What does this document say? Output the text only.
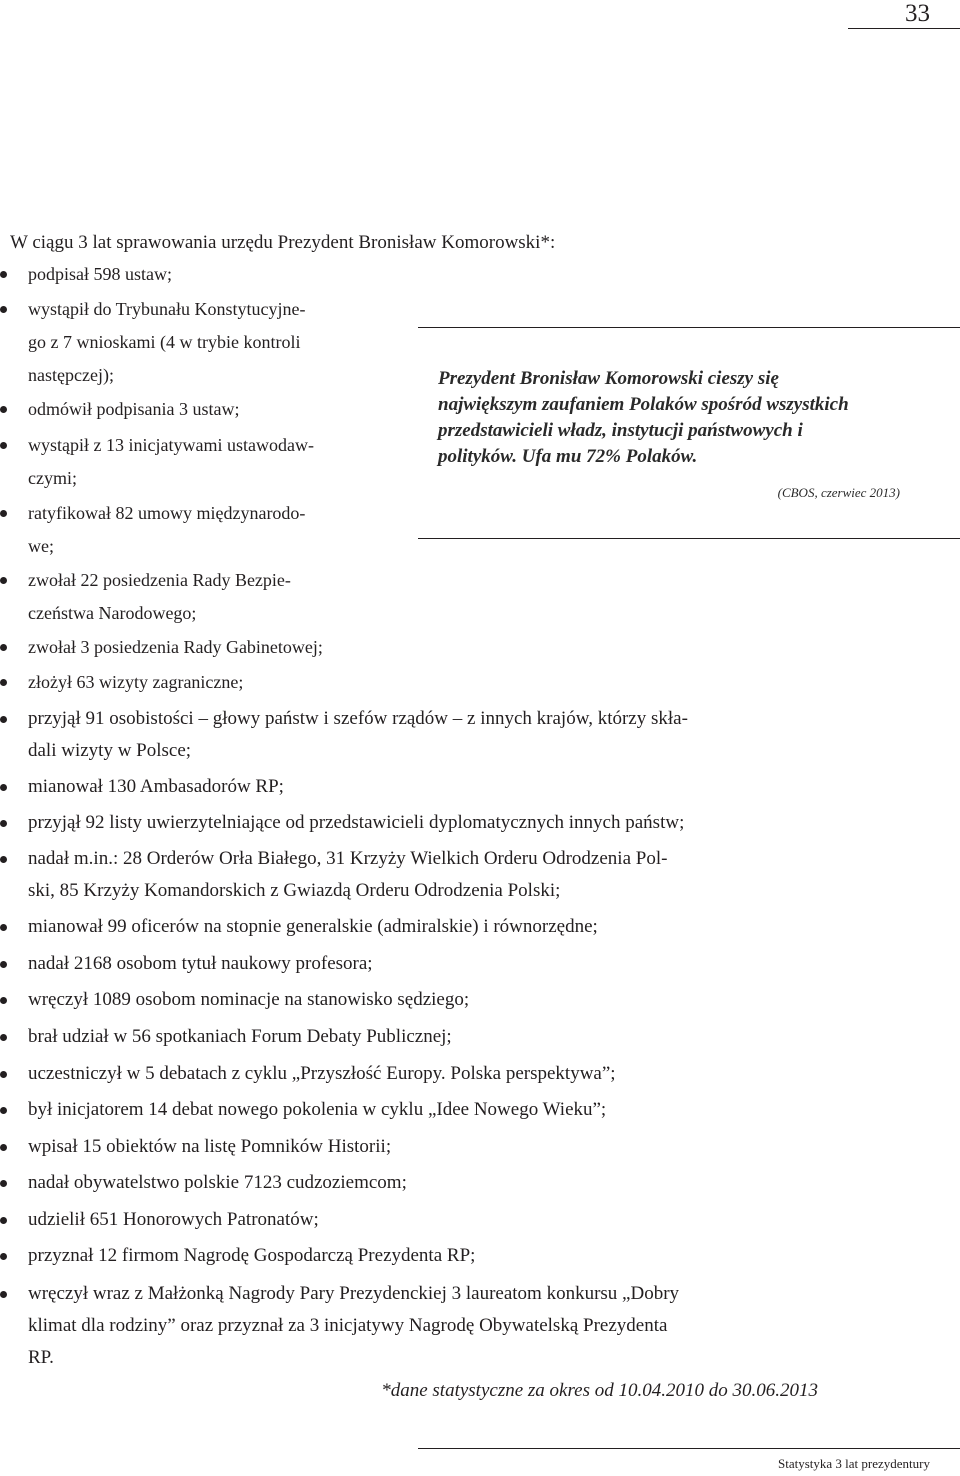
33
W ciągu 3 lat sprawowania urzędu Prezydent Bronisław Komorowski*:
podpisał 598 ustaw;
wystąpił do Trybunału Konstytucyjne-
go z 7 wnioskami (4 w trybie kontroli
następczej);
odmówił podpisania 3 ustaw;
wystąpił z 13 inicjatywami ustawodaw-
czymi;
ratyfikował 82 umowy międzynarodo-
we;
zwołał 22 posiedzenia Rady Bezpie-
czeństwa Narodowego;
zwołał 3 posiedzenia Rady Gabinetowej;
złożył 63 wizyty zagraniczne;
przyjął 91 osobistości – głowy państw i szefów rządów – z innych krajów, którzy skła-
dali wizyty w Polsce;
mianował 130 Ambasadorów RP;
przyjął 92 listy uwierzytelniające od przedstawicieli dyplomatycznych innych państw;
nadał m.in.: 28 Orderów Orła Białego, 31 Krzyży Wielkich Orderu Odrodzenia Pol-
ski, 85 Krzyży Komandorskich z Gwiazdą Orderu Odrodzenia Polski;
mianował 99 oficerów na stopnie generalskie (admiralskie) i równorzędne;
nadał 2168 osobom tytuł naukowy profesora;
wręczył 1089 osobom nominacje na stanowisko sędziego;
brał udział w 56 spotkaniach Forum Debaty Publicznej;
uczestniczył w 5 debatach z cyklu „Przyszłość Europy. Polska perspektywa”;
był inicjatorem 14 debat nowego pokolenia w cyklu „Idee Nowego Wieku”;
wpisał 15 obiektów na listę Pomników Historii;
nadał obywatelstwo polskie 7123 cudzoziemcom;
udzielił 651 Honorowych Patronatów;
przyznał 12 firmom Nagrodę Gospodarczą Prezydenta RP;
wręczył wraz z Małżonką Nagrody Pary Prezydenckiej 3 laureatom konkursu „Dobry
klimat dla rodziny” oraz przyznał za 3 inicjatywy Nagrodę Obywatelską Prezydenta
RP.
Prezydent Bronisław Komorowski cieszy się
największym zaufaniem Polaków spośród wszystkich
przedstawicieli władz, instytucji państwowych i
polityków. Ufa mu 72% Polaków.
(CBOS, czerwiec 2013)
*dane statystyczne za okres od 10.04.2010 do 30.06.2013
Statystyka 3 lat prezydentury
